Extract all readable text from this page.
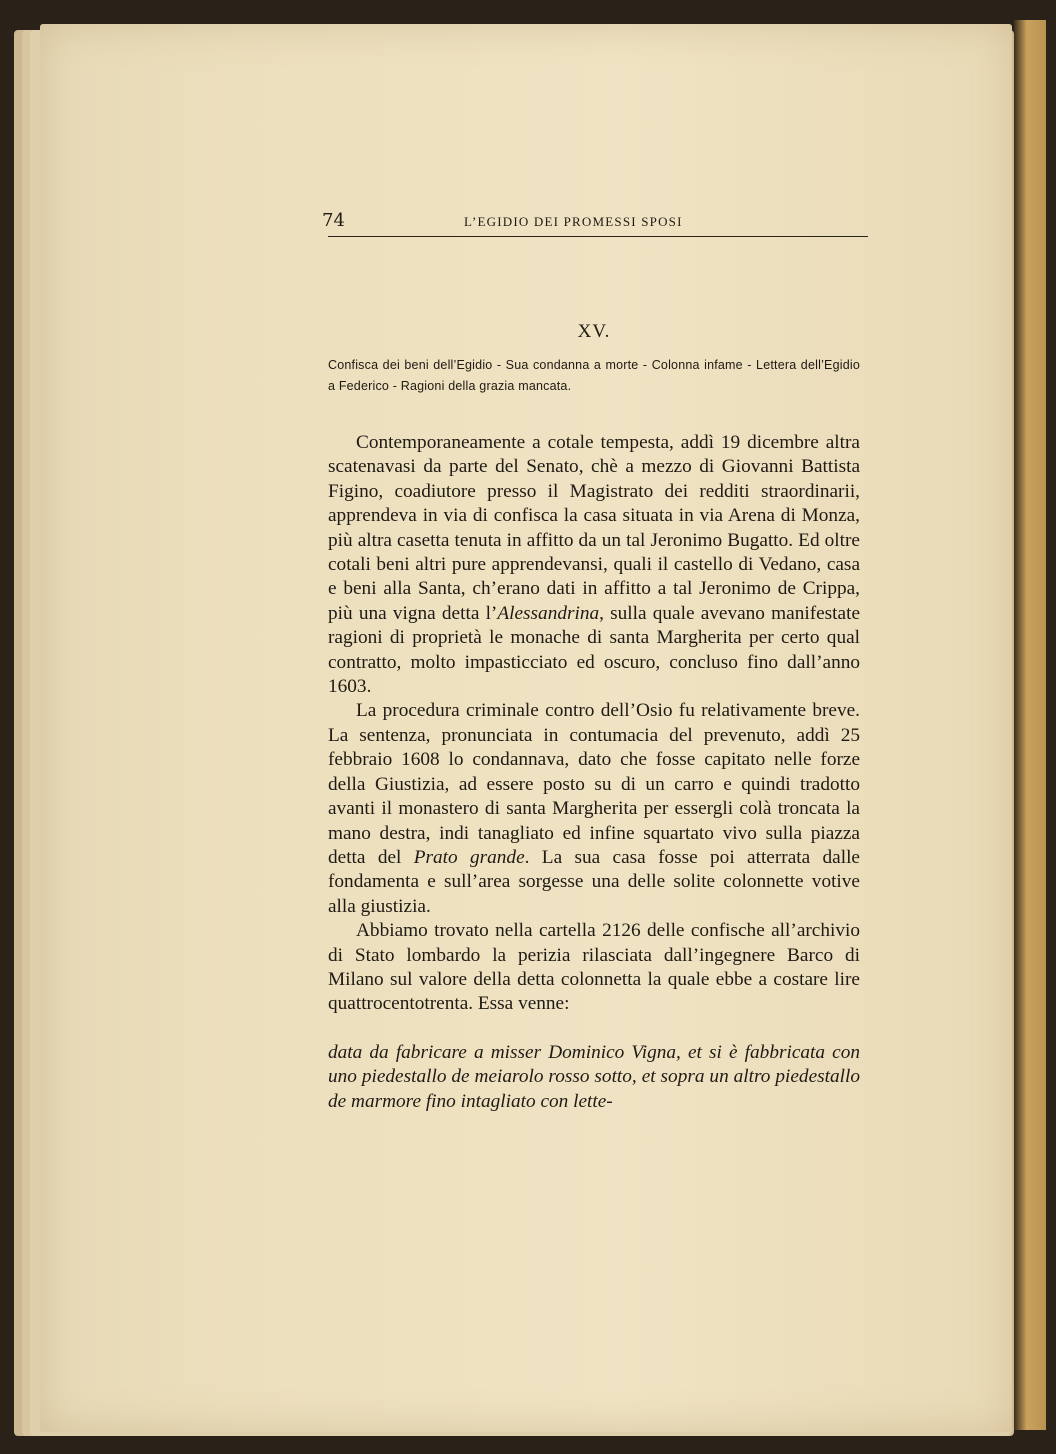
74	L’EGIDIO DEI PROMESSI SPOSI
XV.
Confisca dei beni dell’Egidio - Sua condanna a morte - Colonna infame - Lettera dell’Egidio a Federico - Ragioni della grazia mancata.

Contemporaneamente a cotale tempesta, addì 19 dicembre altra scatenavasi da parte del Senato, chè a mezzo di Giovanni Battista Figino, coadiutore presso il Magistrato dei redditi straordinarii, apprendeva in via di confisca la casa situata in via Arena di Monza, più altra casetta tenuta in affitto da un tal Jeronimo Bugatto. Ed oltre cotali beni altri pure apprendevansi, quali il castello di Vedano, casa e beni alla Santa, ch’erano dati in affitto a tal Jeronimo de Crippa, più una vigna detta l’Alessandrina, sulla quale avevano manifestate ragioni di proprietà le monache di santa Margherita per certo qual contratto, molto impasticciato ed oscuro, concluso fino dall’anno 1603.

La procedura criminale contro dell’Osio fu relativamente breve. La sentenza, pronunciata in contumacia del prevenuto, addì 25 febbraio 1608 lo condannava, dato che fosse capitato nelle forze della Giustizia, ad essere posto su di un carro e quindi tradotto avanti il monastero di santa Margherita per essergli colà troncata la mano destra, indi tanagliato ed infine squartato vivo sulla piazza detta del Prato grande. La sua casa fosse poi atterrata dalle fondamenta e sull’area sorgesse una delle solite colonnette votive alla giustizia.

Abbiamo trovato nella cartella 2126 delle confische all’archivio di Stato lombardo la perizia rilasciata dall’ingegnere Barco di Milano sul valore della detta colonnetta la quale ebbe a costare lire quattrocentotrenta. Essa venne:

data da fabricare a misser Dominico Vigna, et si è fabbricata con uno piedestallo de meiarolo rosso sotto, et sopra un altro piedestallo de marmore fino intagliato con lette-
